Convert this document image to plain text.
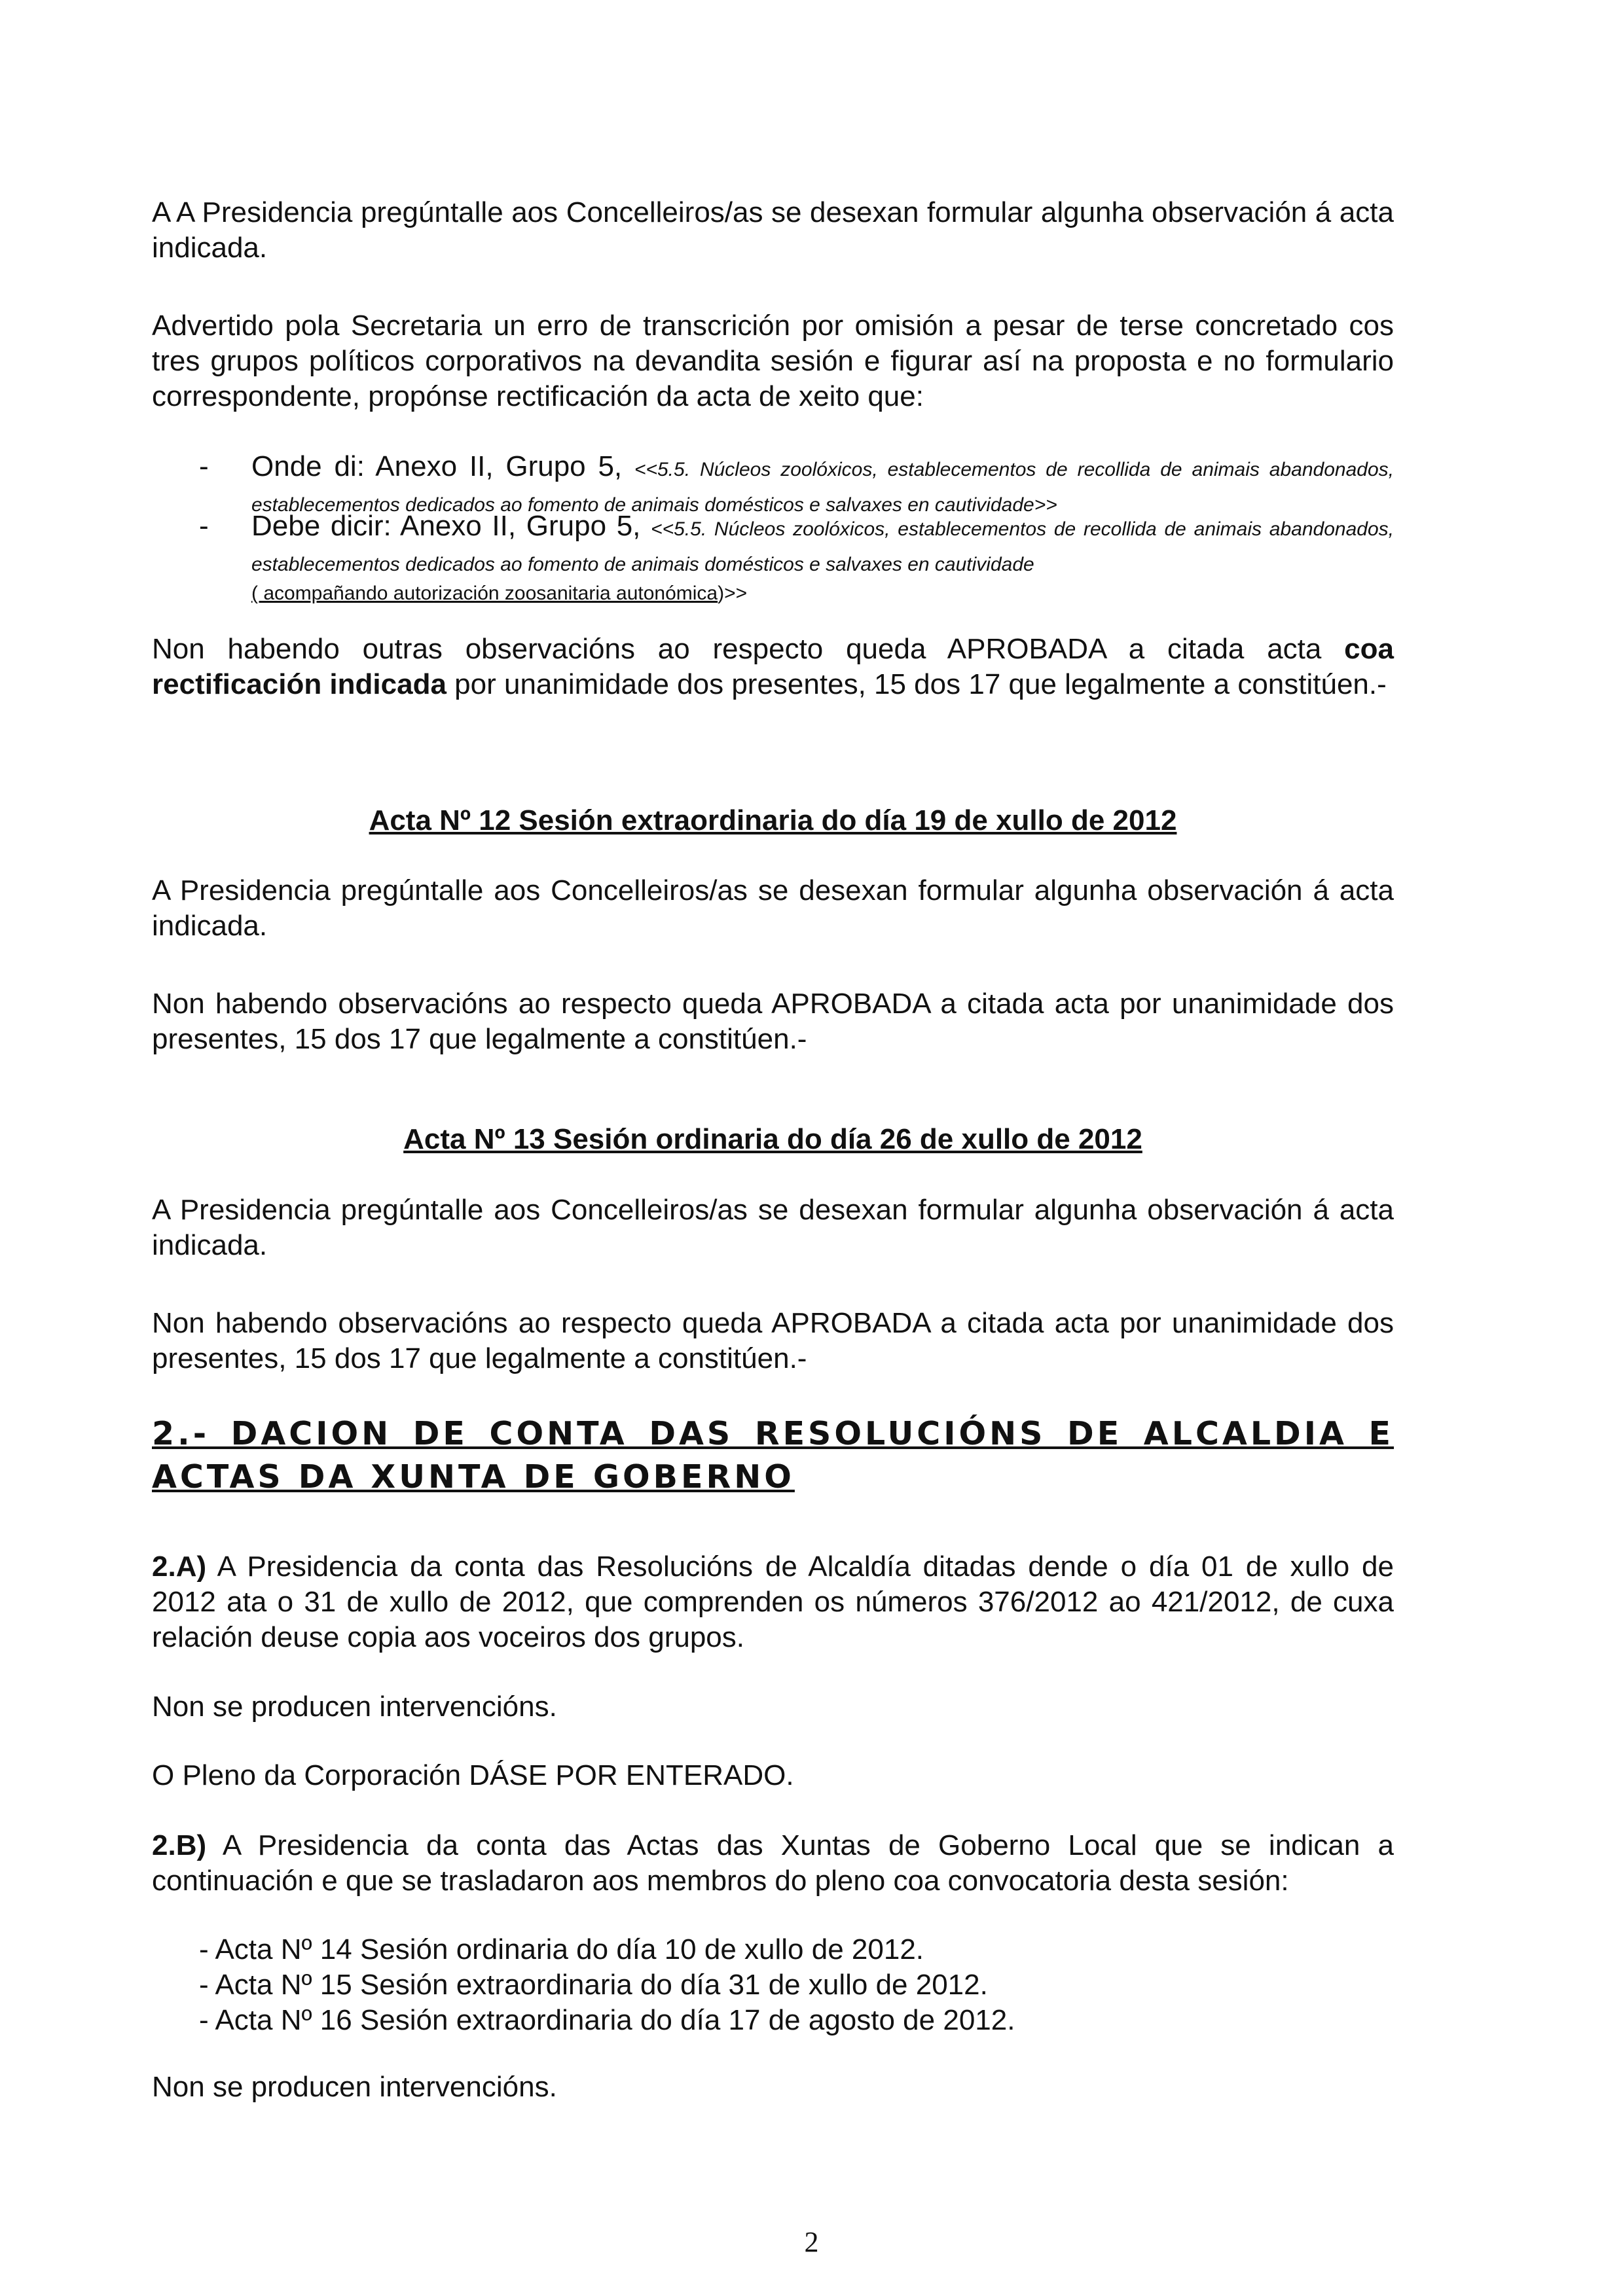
A A Presidencia pregúntalle aos Concelleiros/as se desexan formular algunha observación á acta indicada.

Advertido pola Secretaria un erro de transcrición por omisión a pesar de terse concretado cos tres grupos políticos corporativos na devandita sesión e figurar así na proposta e no formulario correspondente, propónse rectificación da acta de xeito que:

- Onde di: Anexo II, Grupo 5, <<5.5. Núcleos zoolóxicos, establecementos de recollida de animais abandonados, establecementos dedicados ao fomento de animais domésticos e salvaxes en cautividade>>
- Debe dicir: Anexo II, Grupo 5, <<5.5. Núcleos zoolóxicos, establecementos de recollida de animais abandonados, establecementos dedicados ao fomento de animais domésticos e salvaxes en cautividade
( acompañando autorización zoosanitaria autonómica)>>

Non habendo outras observacións ao respecto queda APROBADA a citada acta coa rectificación indicada por unanimidade dos presentes, 15 dos 17 que legalmente a constitúen.-

Acta Nº 12 Sesión extraordinaria do día 19 de xullo de 2012

A Presidencia pregúntalle aos Concelleiros/as se desexan formular algunha observación á acta indicada.

Non habendo observacións ao respecto queda APROBADA a citada acta por unanimidade dos presentes, 15 dos 17 que legalmente a constitúen.-

Acta Nº 13 Sesión ordinaria do día 26 de xullo de 2012

A Presidencia pregúntalle aos Concelleiros/as se desexan formular algunha observación á acta indicada.

Non habendo observacións ao respecto queda APROBADA a citada acta por unanimidade dos presentes, 15 dos 17 que legalmente a constitúen.-

2.- DACION DE CONTA DAS RESOLUCIÓNS DE ALCALDIA E ACTAS DA XUNTA DE GOBERNO

2.A) A Presidencia da conta das Resolucións de Alcaldía ditadas dende o día 01 de xullo de 2012 ata o 31 de xullo de 2012, que comprenden os números 376/2012 ao 421/2012, de cuxa relación deuse copia aos voceiros dos grupos.

Non se producen intervencións.

O Pleno da Corporación DÁSE POR ENTERADO.

2.B) A Presidencia da conta das Actas das Xuntas de Goberno Local que se indican a continuación e que se trasladaron aos membros do pleno coa convocatoria desta sesión:

- Acta Nº 14 Sesión ordinaria do día 10 de xullo de 2012.
- Acta Nº 15 Sesión extraordinaria do día 31 de xullo de 2012.
- Acta Nº 16 Sesión extraordinaria do día 17 de agosto de 2012.

Non se producen intervencións.

2
